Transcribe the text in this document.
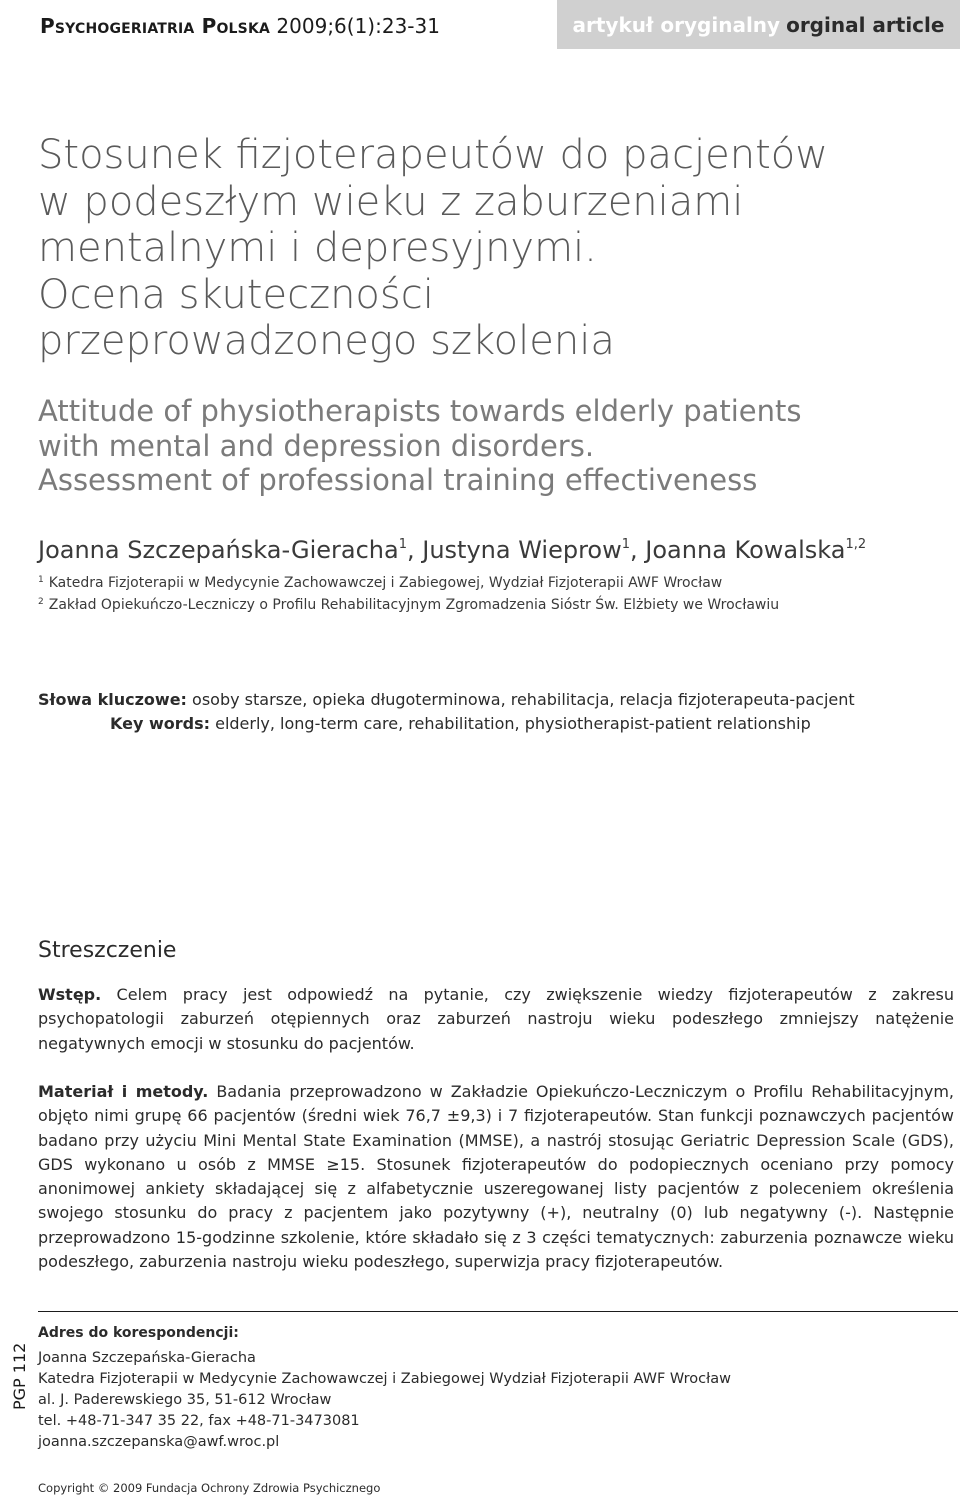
Psychogeriatria Polska 2009;6(1):23-31	artykuł oryginalny orginal article
Stosunek fizjoterapeutów do pacjentów
w podeszłym wieku z zaburzeniami
mentalnymi i depresyjnymi.
Ocena skuteczności
przeprowadzonego szkolenia
Attitude of physiotherapists towards elderly patients
with mental and depression disorders.
Assessment of professional training effectiveness
Joanna Szczepańska-Gieracha$^1$, Justyna Wieprow$^1$, Joanna Kowalska$^{1,2}$
$^1$ Katedra Fizjoterapii w Medycynie Zachowawczej i Zabiegowej, Wydział Fizjoterapii AWF Wrocław
$^2$ Zakład Opiekuńczo-Leczniczy o Profilu Rehabilitacyjnym Zgromadzenia Sióstr Św. Elżbiety we Wrocławiu
Słowa kluczowe: osoby starsze, opieka długoterminowa, rehabilitacja, relacja fizjoterapeuta-pacjent
Key words: elderly, long-term care, rehabilitation, physiotherapist-patient relationship
Streszczenie
Wstęp. Celem pracy jest odpowiedź na pytanie, czy zwiększenie wiedzy fizjoterapeutów z zakresu psychopatologii zaburzeń otępiennych oraz zaburzeń nastroju wieku podeszłego zmniejszy natężenie negatywnych emocji w stosunku do pacjentów.
Materiał i metody. Badania przeprowadzono w Zakładzie Opiekuńczo-Leczniczym o Profilu Rehabilitacyjnym, objęto nimi grupę 66 pacjentów (średni wiek 76,7 ±9,3) i 7 fizjoterapeutów. Stan funkcji poznawczych pacjentów badano przy użyciu Mini Mental State Examination (MMSE), a nastrój stosując Geriatric Depression Scale (GDS), GDS wykonano u osób z MMSE ≥15. Stosunek fizjoterapeutów do podopiecznych oceniano przy pomocy anonimowej ankiety składającej się z alfabetycznie uszeregowanej listy pacjentów z poleceniem określenia swojego stosunku do pracy z pacjentem jako pozytywny (+), neutralny (0) lub negatywny (-). Następnie przeprowadzono 15-godzinne szkolenie, które składało się z 3 części tematycznych: zaburzenia poznawcze wieku podeszłego, zaburzenia nastroju wieku podeszłego, superwizja pracy fizjoterapeutów.
PGP 112
Adres do korespondencji:
Joanna Szczepańska-Gieracha
Katedra Fizjoterapii w Medycynie Zachowawczej i Zabiegowej Wydział Fizjoterapii AWF Wrocław
al. J. Paderewskiego 35, 51-612 Wrocław
tel. +48-71-347 35 22, fax +48-71-3473081
joanna.szczepanska@awf.wroc.pl
Copyright © 2009 Fundacja Ochrony Zdrowia Psychicznego
